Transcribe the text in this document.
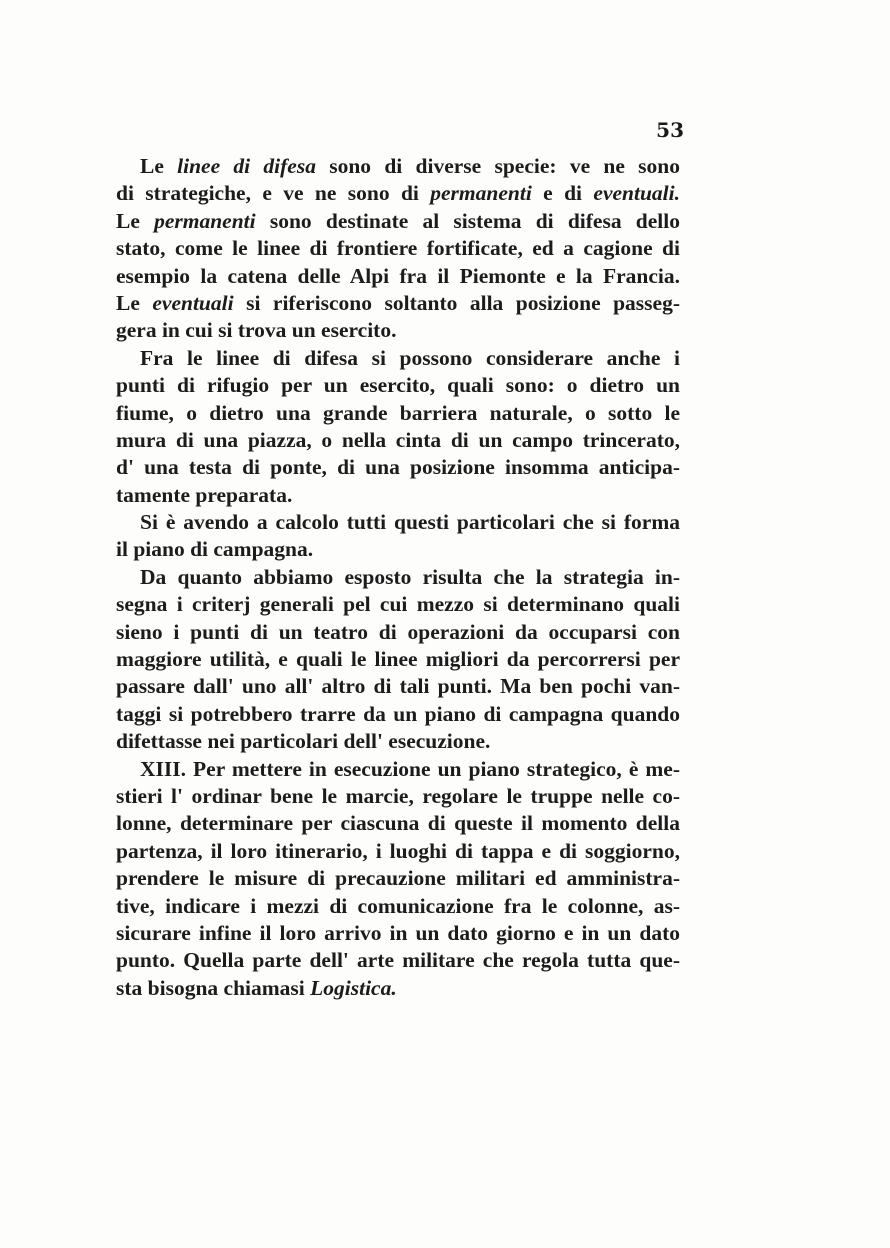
53
Le linee di difesa sono di diverse specie: ve ne sono
di strategiche, e ve ne sono di permanenti e di eventuali.
Le permanenti sono destinate al sistema di difesa dello
stato, come le linee di frontiere fortificate, ed a cagione di
esempio la catena delle Alpi fra il Piemonte e la Francia.
Le eventuali si riferiscono soltanto alla posizione passeg-
gera in cui si trova un esercito.
Fra le linee di difesa si possono considerare anche i
punti di rifugio per un esercito, quali sono: o dietro un
fiume, o dietro una grande barriera naturale, o sotto le
mura di una piazza, o nella cinta di un campo trincerato,
d' una testa di ponte, di una posizione insomma anticipa-
tamente preparata.
Si è avendo a calcolo tutti questi particolari che si forma
il piano di campagna.
Da quanto abbiamo esposto risulta che la strategia in-
segna i criterj generali pel cui mezzo si determinano quali
sieno i punti di un teatro di operazioni da occuparsi con
maggiore utilità, e quali le linee migliori da percorrersi per
passare dall' uno all' altro di tali punti. Ma ben pochi van-
taggi si potrebbero trarre da un piano di campagna quando
difettasse nei particolari dell' esecuzione.
XIII. Per mettere in esecuzione un piano strategico, è me-
stieri l' ordinar bene le marcie, regolare le truppe nelle co-
lonne, determinare per ciascuna di queste il momento della
partenza, il loro itinerario, i luoghi di tappa e di soggiorno,
prendere le misure di precauzione militari ed amministra-
tive, indicare i mezzi di comunicazione fra le colonne, as-
sicurare infine il loro arrivo in un dato giorno e in un dato
punto. Quella parte dell' arte militare che regola tutta que-
sta bisogna chiamasi Logistica.
